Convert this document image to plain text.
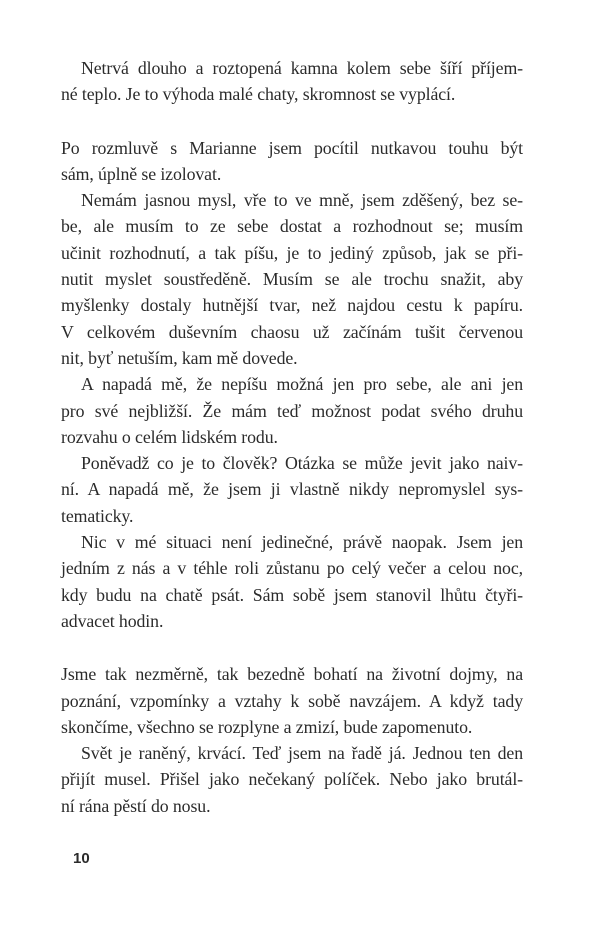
Netrvá dlouho a roztopená kamna kolem sebe šíří příjem-
né teplo. Je to výhoda malé chaty, skromnost se vyplácí.

Po rozmluvě s Marianne jsem pocítil nutkavou touhu být
sám, úplně se izolovat.

Nemám jasnou mysl, vře to ve mně, jsem zděšený, bez se-
be, ale musím to ze sebe dostat a rozhodnout se; musím
učinit rozhodnutí, a tak píšu, je to jediný způsob, jak se při-
nutit myslet soustředěně. Musím se ale trochu snažit, aby
myšlenky dostaly hutnější tvar, než najdou cestu k papíru.
V celkovém duševním chaosu už začínám tušit červenou
nit, byť netuším, kam mě dovede.

A napadá mě, že nepíšu možná jen pro sebe, ale ani jen
pro své nejbližší. Že mám teď možnost podat svého druhu
rozvahu o celém lidském rodu.

Poněvadž co je to člověk? Otázka se může jevit jako naiv-
ní. A napadá mě, že jsem ji vlastně nikdy nepromyslel sys-
tematicky.

Nic v mé situaci není jedinečné, právě naopak. Jsem jen
jedním z nás a v téhle roli zůstanu po celý večer a celou noc,
kdy budu na chatě psát. Sám sobě jsem stanovil lhůtu čtyři-
advacet hodin.

Jsme tak nezměrně, tak bezedně bohatí na životní dojmy, na
poznání, vzpomínky a vztahy k sobě navzájem. A když tady
skončíme, všechno se rozplyne a zmizí, bude zapomenuto.

Svět je raněný, krvácí. Teď jsem na řadě já. Jednou ten den
přijít musel. Přišel jako nečekaný políček. Nebo jako brutál-
ní rána pěstí do nosu.

10
